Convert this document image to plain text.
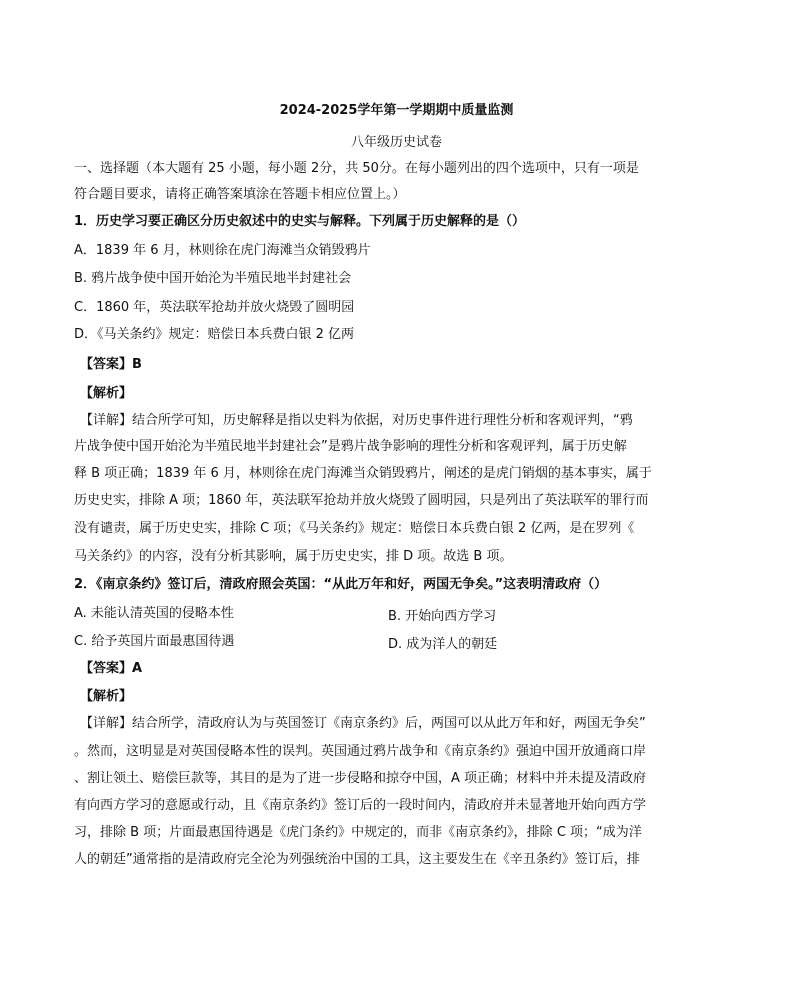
2024-2025学年第一学期期中质量监测
八年级历史试卷
一、选择题（本大题有 25 小题，每小题 2分，共 50分。在每小题列出的四个选项中，只有一项是
符合题目要求，请将正确答案填涂在答题卡相应位置上。）
1．历史学习要正确区分历史叙述中的史实与解释。下列属于历史解释的是（）
A．1839 年 6 月，林则徐在虎门海滩当众销毁鸦片
B. 鸦片战争使中国开始沦为半殖民地半封建社会
C．1860 年，英法联军抢劫并放火烧毁了圆明园
D．《马关条约》规定：赔偿日本兵费白银 2 亿两
【答案】B
【解析】
【详解】结合所学可知，历史解释是指以史料为依据，对历史事件进行理性分析和客观评判，“鸦
片战争使中国开始沦为半殖民地半封建社会”是鸦片战争影响的理性分析和客观评判，属于历史解
释 B 项正确；1839 年 6 月，林则徐在虎门海滩当众销毁鸦片，阐述的是虎门销烟的基本事实，属于
历史史实，排除 A 项；1860 年，英法联军抢劫并放火烧毁了圆明园，只是列出了英法联军的罪行而
没有谴责，属于历史史实，排除 C 项；《马关条约》规定：赔偿日本兵费白银 2 亿两，是在罗列《
马关条约》的内容，没有分析其影响，属于历史史实，排 D 项。故选 B 项。
2．《南京条约》签订后，清政府照会英国：“从此万年和好，两国无争矣。”这表明清政府（）
A. 未能认清英国的侵略本性	B. 开始向西方学习
C. 给予英国片面最惠国待遇	D. 成为洋人的朝廷
【答案】A
【解析】
【详解】结合所学，清政府认为与英国签订《南京条约》后，两国可以从此万年和好，两国无争矣”
。然而，这明显是对英国侵略本性的误判。英国通过鸦片战争和《南京条约》强迫中国开放通商口岸
、割让领土、赔偿巨款等，其目的是为了进一步侵略和掠夺中国，A 项正确；材料中并未提及清政府
有向西方学习的意愿或行动，且《南京条约》签订后的一段时间内，清政府并未显著地开始向西方学
习，排除 B 项；片面最惠国待遇是《虎门条约》中规定的，而非《南京条约》，排除 C 项；“成为洋
人的朝廷”通常指的是清政府完全沦为列强统治中国的工具，这主要发生在《辛丑条约》签订后，排
